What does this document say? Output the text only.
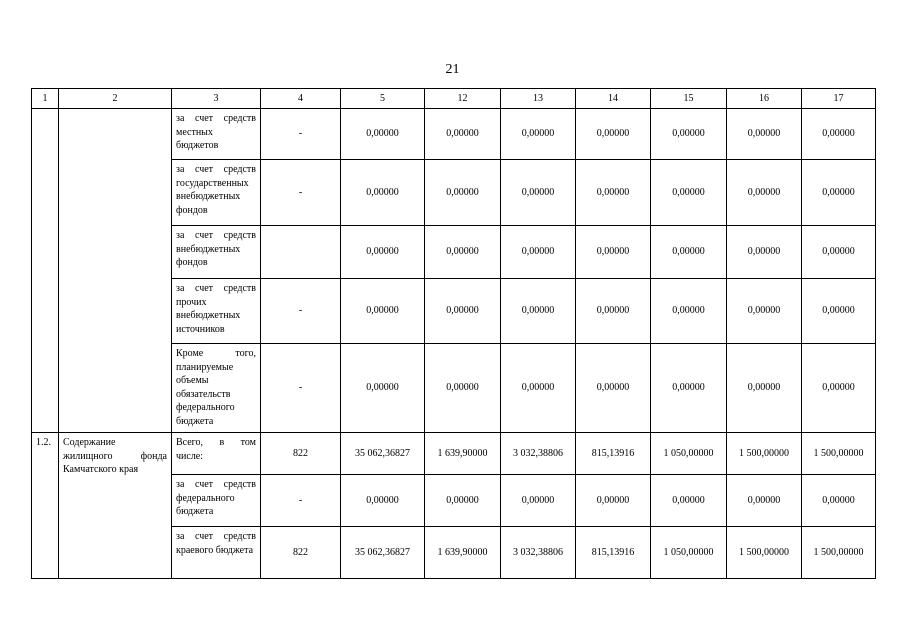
21
1	2	3	4	5	12	13	14	15	16	17
		за счет средств местных бюджетов	-	0,00000	0,00000	0,00000	0,00000	0,00000	0,00000	0,00000
		за счет средств государственных внебюджетных фондов	-	0,00000	0,00000	0,00000	0,00000	0,00000	0,00000	0,00000
		за счет средств внебюджетных фондов		0,00000	0,00000	0,00000	0,00000	0,00000	0,00000	0,00000
		за счет средств прочих внебюджетных источников	-	0,00000	0,00000	0,00000	0,00000	0,00000	0,00000	0,00000
		Кроме того, планируемые объемы обязательств федерального бюджета	-	0,00000	0,00000	0,00000	0,00000	0,00000	0,00000	0,00000
1.2.	Содержание жилищного фонда Камчатского края	Всего, в том числе:	822	35 062,36827	1 639,90000	3 032,38806	815,13916	1 050,00000	1 500,00000	1 500,00000
		за счет средств федерального бюджета	-	0,00000	0,00000	0,00000	0,00000	0,00000	0,00000	0,00000
		за счет средств краевого бюджета	822	35 062,36827	1 639,90000	3 032,38806	815,13916	1 050,00000	1 500,00000	1 500,00000
